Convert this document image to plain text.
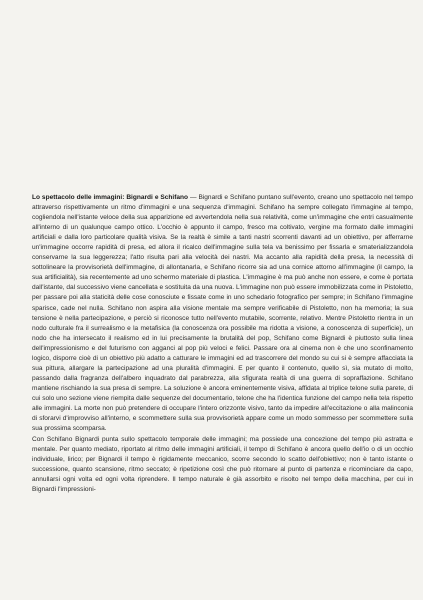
Lo spettacolo delle immagini: Bignardi e Schifano — Bignardi e Schifano puntano sull'evento, creano uno spettacolo nel tempo attraverso rispettivamente un ritmo d'immagini e una sequenza d'immagini. Schifano ha sempre collegato l'immagine al tempo, cogliendola nell'istante veloce della sua apparizione ed avvertendola nella sua relatività, come un'immagine che entri casualmente all'interno di un qualunque campo ottico. L'occhio è appunto il campo, fresco ma coltivato, vergine ma formato dalle immagini artificiali e dalla loro particolare qualità visiva. Se la realtà è simile a tanti nastri scorrenti davanti ad un obiettivo, per afferrarne un'immagine occorre rapidità di presa, ed allora il ricalco dell'immagine sulla tela va benissimo per fissarla e smaterializzandola conservarne la sua leggerezza; l'atto risulta pari alla velocità dei nastri. Ma accanto alla rapidità della presa, la necessità di sottolineare la provvisorietà dell'immagine, di allontanarla, e Schifano ricorre sia ad una cornice attorno all'immagine (il campo, la sua artificialità), sia recentemente ad uno schermo materiale di plastica. L'immagine è ma può anche non essere, e come è portata dall'istante, dal successivo viene cancellata e sostituita da una nuova. L'immagine non può essere immobilizzata come in Pistoletto, per passare poi alla staticità delle cose conosciute e fissate come in uno schedario fotografico per sempre; in Schifano l'immagine sparisce, cade nel nulla. Schifano non aspira alla visione mentale ma sempre verificabile di Pistoletto, non ha memoria; la sua tensione è nella partecipazione, e perciò si riconosce tutto nell'evento mutabile, scorrente, relativo. Mentre Pistoletto rientra in un nodo culturale fra il surrealismo e la metafisica (la conoscenza ora possibile ma ridotta a visione, a conoscenza di superficie), un nodo che ha intersecato il realismo ed in lui precisamente la brutalità del pop, Schifano come Bignardi è piuttosto sulla linea dell'impressionismo e del futurismo con agganci al pop più veloci e felici. Passare ora al cinema non è che uno sconfinamento logico, disporre cioè di un obiettivo più adatto a catturare le immagini ed ad trascorrere del mondo su cui si è sempre affacciata la sua pittura, allargare la partecipazione ad una pluralità d'immagini. E per quanto il contenuto, quello sì, sia mutato di molto, passando dalla fragranza dell'albero inquadrato dal parabrezza, alla sfigurata realtà di una guerra di sopraffazione. Schifano mantiene rischiando la sua presa di sempre. La soluzione è ancora eminentemente visiva, affidata al triplice telone sulla parete, di cui solo uno sezione viene riempita dalle sequenze del documentario, telone che ha l'identica funzione del campo nella tela rispetto alle immagini. La morte non può pretendere di occupare l'intero orizzonte visivo, tanto da impedire all'eccitazione o alla malinconia di sforarvi d'improvviso all'interno, e scommettere sulla sua provvisorietà appare come un modo sommesso per scommettere sulla sua prossima scomparsa.

Con Schifano Bignardi punta sullo spettacolo temporale delle immagini; ma possiede una concezione del tempo più astratta e mentale. Per quanto mediato, riportato al ritmo delle immagini artificiali, il tempo di Schifano è ancora quello dell'io o di un occhio individuale, lirico; per Bignardi il tempo è rigidamente meccanico, scorre secondo lo scatto dell'obiettivo; non è tanto istante o successione, quanto scansione, ritmo seccato; è ripetizione così che può ritornare al punto di partenza e ricominciare da capo, annullarsi ogni volta ed ogni volta riprendere. Il tempo naturale è già assorbito e risolto nel tempo della macchina, per cui in Bignardi l'impressioni-
